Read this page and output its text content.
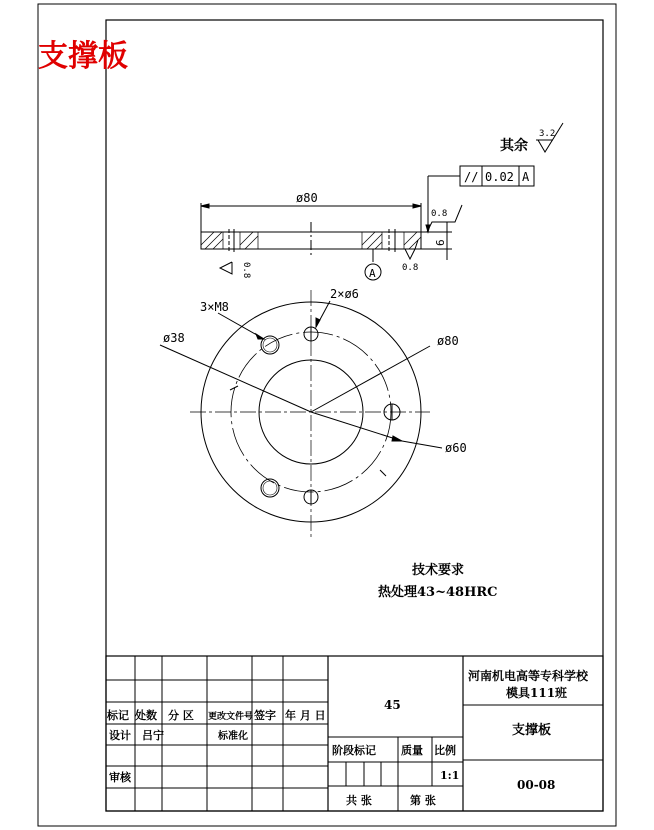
支撑板
// 0.02 A
其余
3.2
ø80
6
0.8
0.8
0.8	A
3×M8
2×ø6
ø38	ø80
ø60
技术要求
热处理43~48HRC
标记 处数 分 区 更改文件号 签字 年 月 日
设计 吕宁	标准化
审核
45
阶段标记 质量 比例
1:1
共 张	第 张
河南机电高等专科学校
模具111班
支撑板
00-08
